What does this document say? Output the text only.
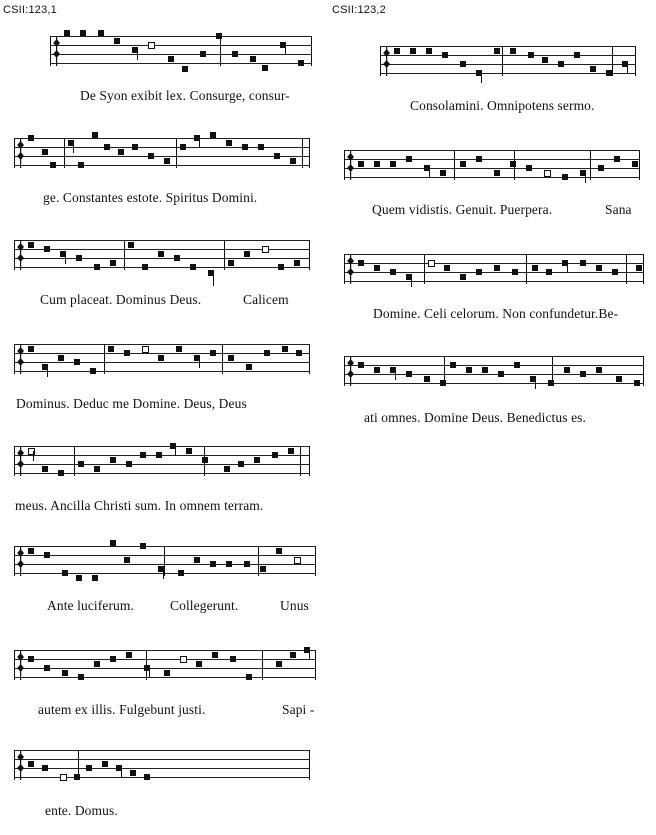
CSII:123,1	CSII:123,2
De Syon exibit lex. Consurge, consur-
ge. Constantes estote. Spiritus Domini.
Cum placeat. Dominus Deus.	Calicem
Dominus. Deduc me Domine. Deus, Deus
meus. Ancilla Christi sum. In omnem terram.
Ante luciferum.	Collegerunt.	Unus
autem ex illis. Fulgebunt justi.	Sapi -
ente. Domus.
Consolamini. Omnipotens sermo.
Quem vidistis. Genuit. Puerpera.	Sana
Domine. Celi celorum. Non confundetur.Be-
ati omnes. Domine Deus. Benedictus es.
